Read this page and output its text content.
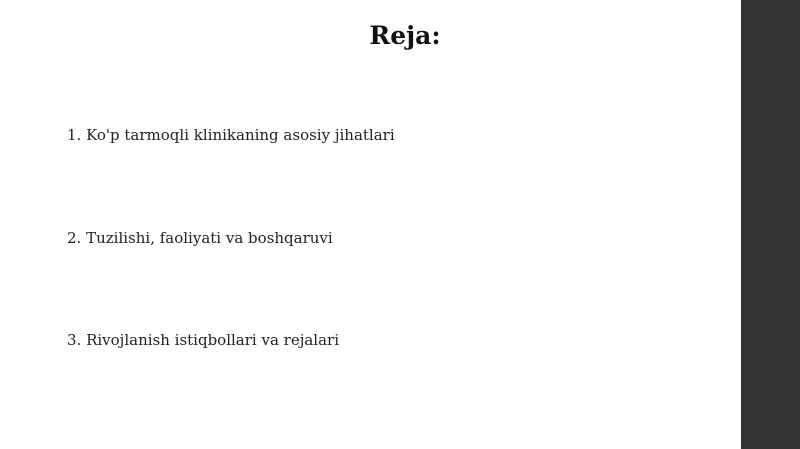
Reja:

1. Ko'p tarmoqli klinikaning asosiy jihatlari

2. Tuzilishi, faoliyati va boshqaruvi

3. Rivojlanish istiqbollari va rejalari
